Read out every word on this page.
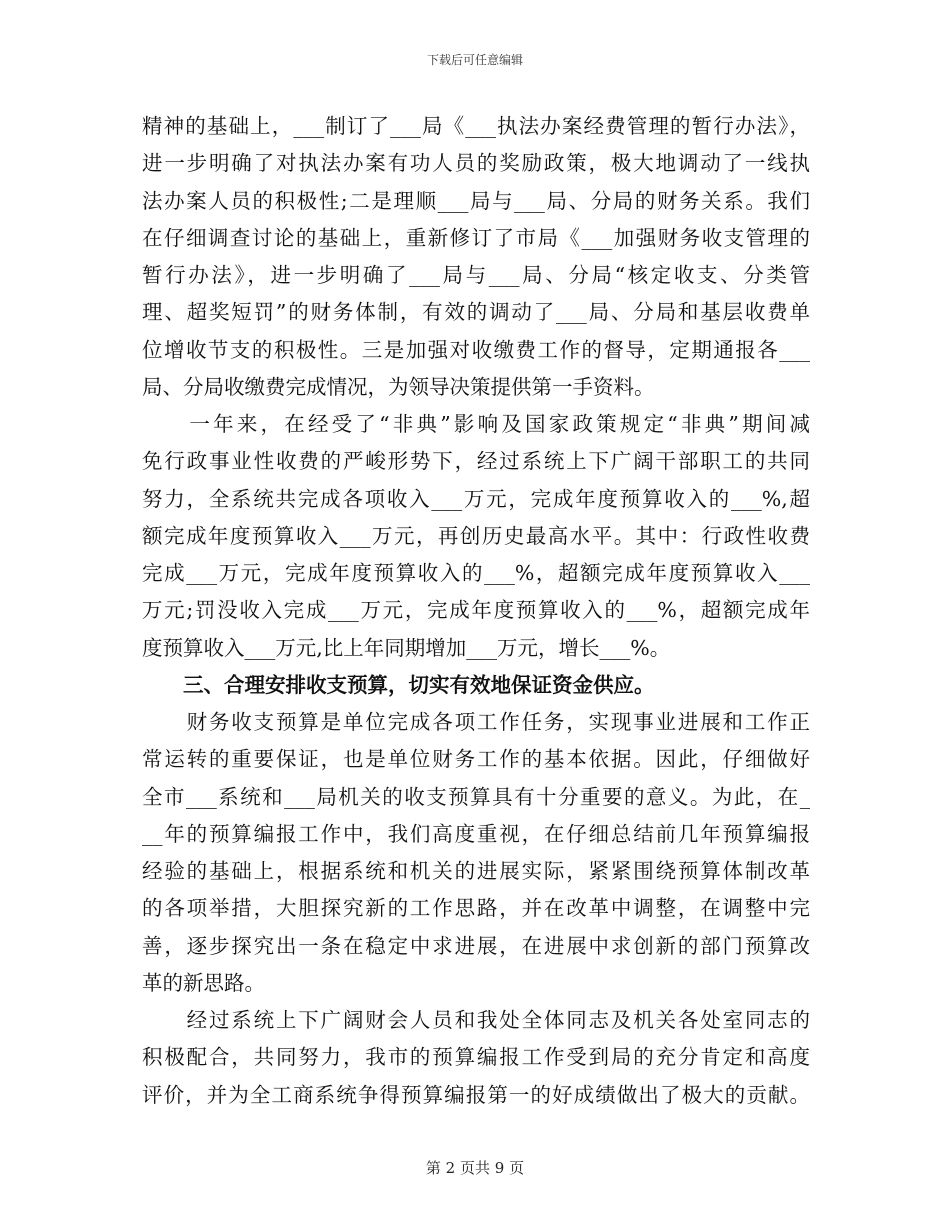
下载后可任意编辑
精神的基础上，___制订了___局《___执法办案经费管理的暂行办法》，
进一步明确了对执法办案有功人员的奖励政策，极大地调动了一线执
法办案人员的积极性;二是理顺___局与___局、分局的财务关系。我们
在仔细调查讨论的基础上，重新修订了市局《___加强财务收支管理的
暂行办法》，进一步明确了___局与___局、分局“核定收支、分类管
理、超奖短罚”的财务体制，有效的调动了___局、分局和基层收费单
位增收节支的积极性。三是加强对收缴费工作的督导，定期通报各___
局、分局收缴费完成情况，为领导决策提供第一手资料。
　　一年来，在经受了“非典”影响及国家政策规定“非典”期间减
免行政事业性收费的严峻形势下，经过系统上下广阔干部职工的共同
努力，全系统共完成各项收入___万元，完成年度预算收入的___%,超
额完成年度预算收入___万元，再创历史最高水平。其中：行政性收费
完成___万元，完成年度预算收入的___%，超额完成年度预算收入___
万元;罚没收入完成___万元，完成年度预算收入的___%，超额完成年
度预算收入___万元,比上年同期增加___万元，增长___%。
　　三、合理安排收支预算，切实有效地保证资金供应。
　　财务收支预算是单位完成各项工作任务，实现事业进展和工作正
常运转的重要保证，也是单位财务工作的基本依据。因此，仔细做好
全市___系统和___局机关的收支预算具有十分重要的意义。为此，在_
__年的预算编报工作中，我们高度重视，在仔细总结前几年预算编报
经验的基础上，根据系统和机关的进展实际，紧紧围绕预算体制改革
的各项举措，大胆探究新的工作思路，并在改革中调整，在调整中完
善，逐步探究出一条在稳定中求进展，在进展中求创新的部门预算改
革的新思路。
　　经过系统上下广阔财会人员和我处全体同志及机关各处室同志的
积极配合，共同努力，我市的预算编报工作受到局的充分肯定和高度
评价，并为全工商系统争得预算编报第一的好成绩做出了极大的贡献。
第 2 页共 9 页
